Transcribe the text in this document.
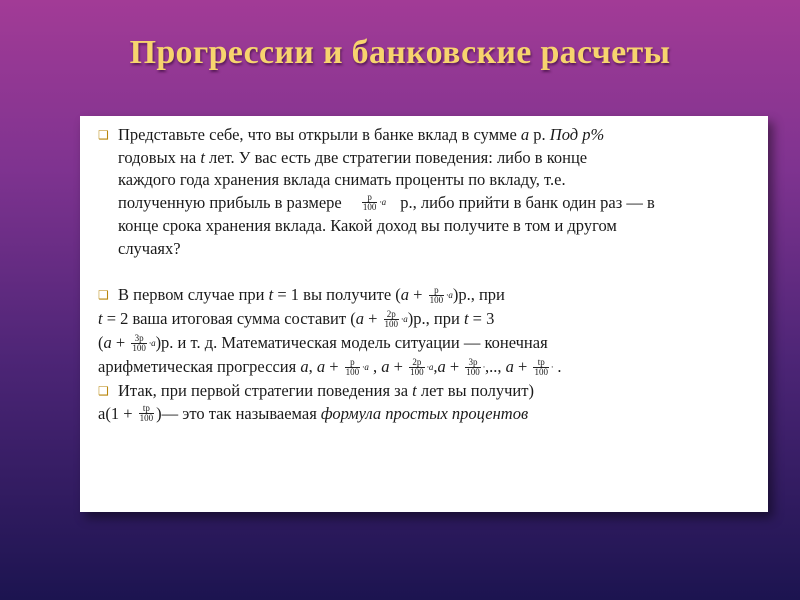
Прогрессии и банковские расчеты
❑ Представьте себе, что вы открыли в банке вклад в сумме a р. Под p%
годовых на t лет. У вас есть две стратегии поведения: либо в конце
каждого года хранения вклада снимать проценты по вкладу, т.е.
полученную прибыль в размере $\frac{p}{100} \cdot a$ р., либо прийти в банк один раз — в
конце срока хранения вклада. Какой доход вы получите в том и другом
случаях?
❑ В первом случае при t = 1 вы получите $(a + \frac{p}{100} \cdot a)р$., при
t = 2 ваша итоговая сумма составит $(a + \frac{2p}{100} \cdot a)р$., при t = 3
$(a + \frac{3p}{100} \cdot a)р$. и т. д. Математическая модель ситуации — конечная
арифметическая прогрессия a, $a + \frac{p}{100} \cdot a$ , $a + \frac{2p}{100} \cdot a,a + \frac{3p}{100}$ ·,.., $a + \frac{tp}{100}$ · .
❑ Итак, при первой стратегии поведения за t лет вы получит)
$a(1 + \frac{tp}{100}$ )— это так называемая формула простых процентов
